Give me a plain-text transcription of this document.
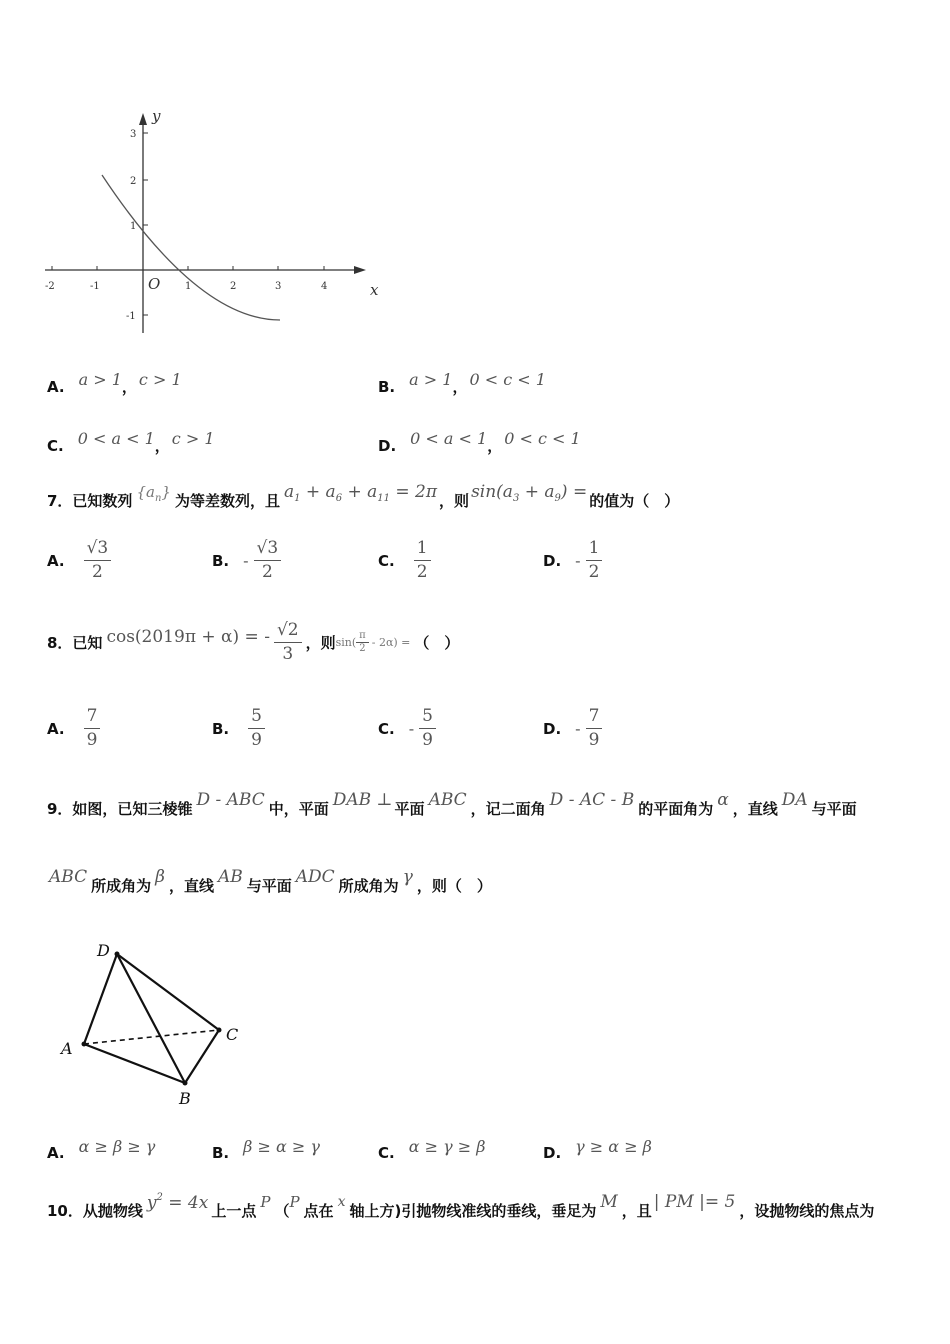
-2	-1	1	2	3	4
3
2
1
-1
y
x
O
A. a > 1 ， c > 1	B. a > 1 ， 0 < c < 1
C. 0 < a < 1 ， c > 1	D. 0 < a < 1 ， 0 < c < 1
7．已知数列 $\{a_n\}$ 为等差数列，且 $a_1 + a_6 + a_{11} = 2\pi$ ，则 $\sin(a_3 + a_9)$ = 的值为（　）
A. $\frac{√3}{2}$	B. - $\frac{√3}{2}$	C. $\frac{1}{2}$	D. - $\frac{1}{2}$
8．已知 cos(2019π + α) = - $\frac{√2}{3}$ ，则 $\sin( \frac{\pi}{2} - 2\alpha)$ = （　）
A. $\frac{7}{9}$	B. $\frac{5}{9}$	C. - $\frac{5}{9}$	D. - $\frac{7}{9}$
9．如图，已知三棱锥 D - ABC 中，平面 DAB ⊥ 平面 ABC ，记二面角 D - AC - B 的平面角为 α ，直线 DA 与平面
ABC 所成角为 β ，直线 AB 与平面 ADC 所成角为 γ ，则（　）
D
A
B
C
A. α ≥ β ≥ γ	B. β ≥ α ≥ γ	C. α ≥ γ ≥ β	D. γ ≥ α ≥ β
10．从抛物线 $y^2 = 4x$ 上一点 P （ P 点在 x 轴上方)引抛物线准线的垂线，垂足为 M ，且 | PM |= 5 ，设抛物线的焦点为
